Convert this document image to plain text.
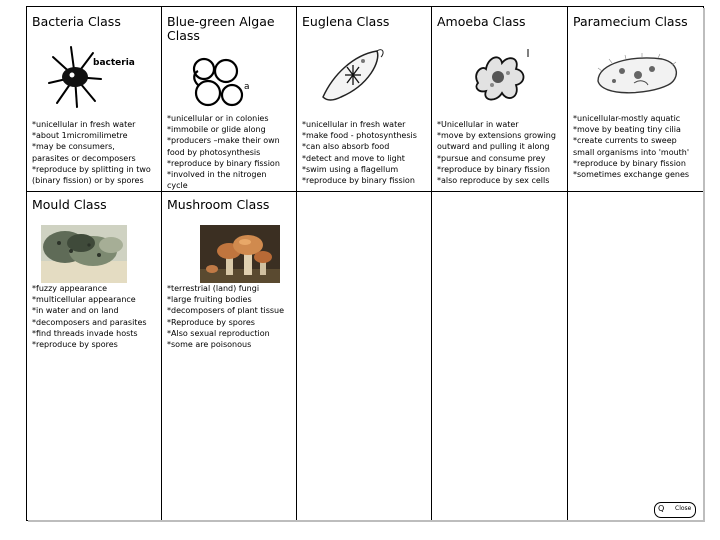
Bacteria Class
bacteria
*unicellular in fresh water
*about 1micromilimetre
*may be consumers,
parasites or decomposers
*reproduce by splitting in two
(binary fission) or by spores
Blue-green Algae Class
a
*unicellular or in colonies
*immobile or glide along
*producers –make their own
food by photosynthesis
*reproduce by binary fission
*involved in the nitrogen
cycle
Euglena Class
*unicellular in fresh water
*make food - photosynthesis
*can also absorb food
*detect and move to light
*swim using a flagellum
*reproduce by binary fission
Amoeba Class
*Unicellular in water
*move by extensions growing
outward and pulling it along
*pursue and consume prey
*reproduce by binary fission
*also reproduce by sex cells
Paramecium Class
*unicellular-mostly aquatic
*move by beating tiny cilia
*create currents to sweep
small organisms into 'mouth'
*reproduce by binary fission
*sometimes exchange genes
Mould Class
*fuzzy appearance
*multicellular appearance
*in water and on land
*decomposers and parasites
*find threads invade hosts
*reproduce by spores
Mushroom Class
*terrestrial (land) fungi
*large fruiting bodies
*decomposers of plant tissue
*Reproduce by spores
*Also sexual reproduction
*some are poisonous
Q Close
